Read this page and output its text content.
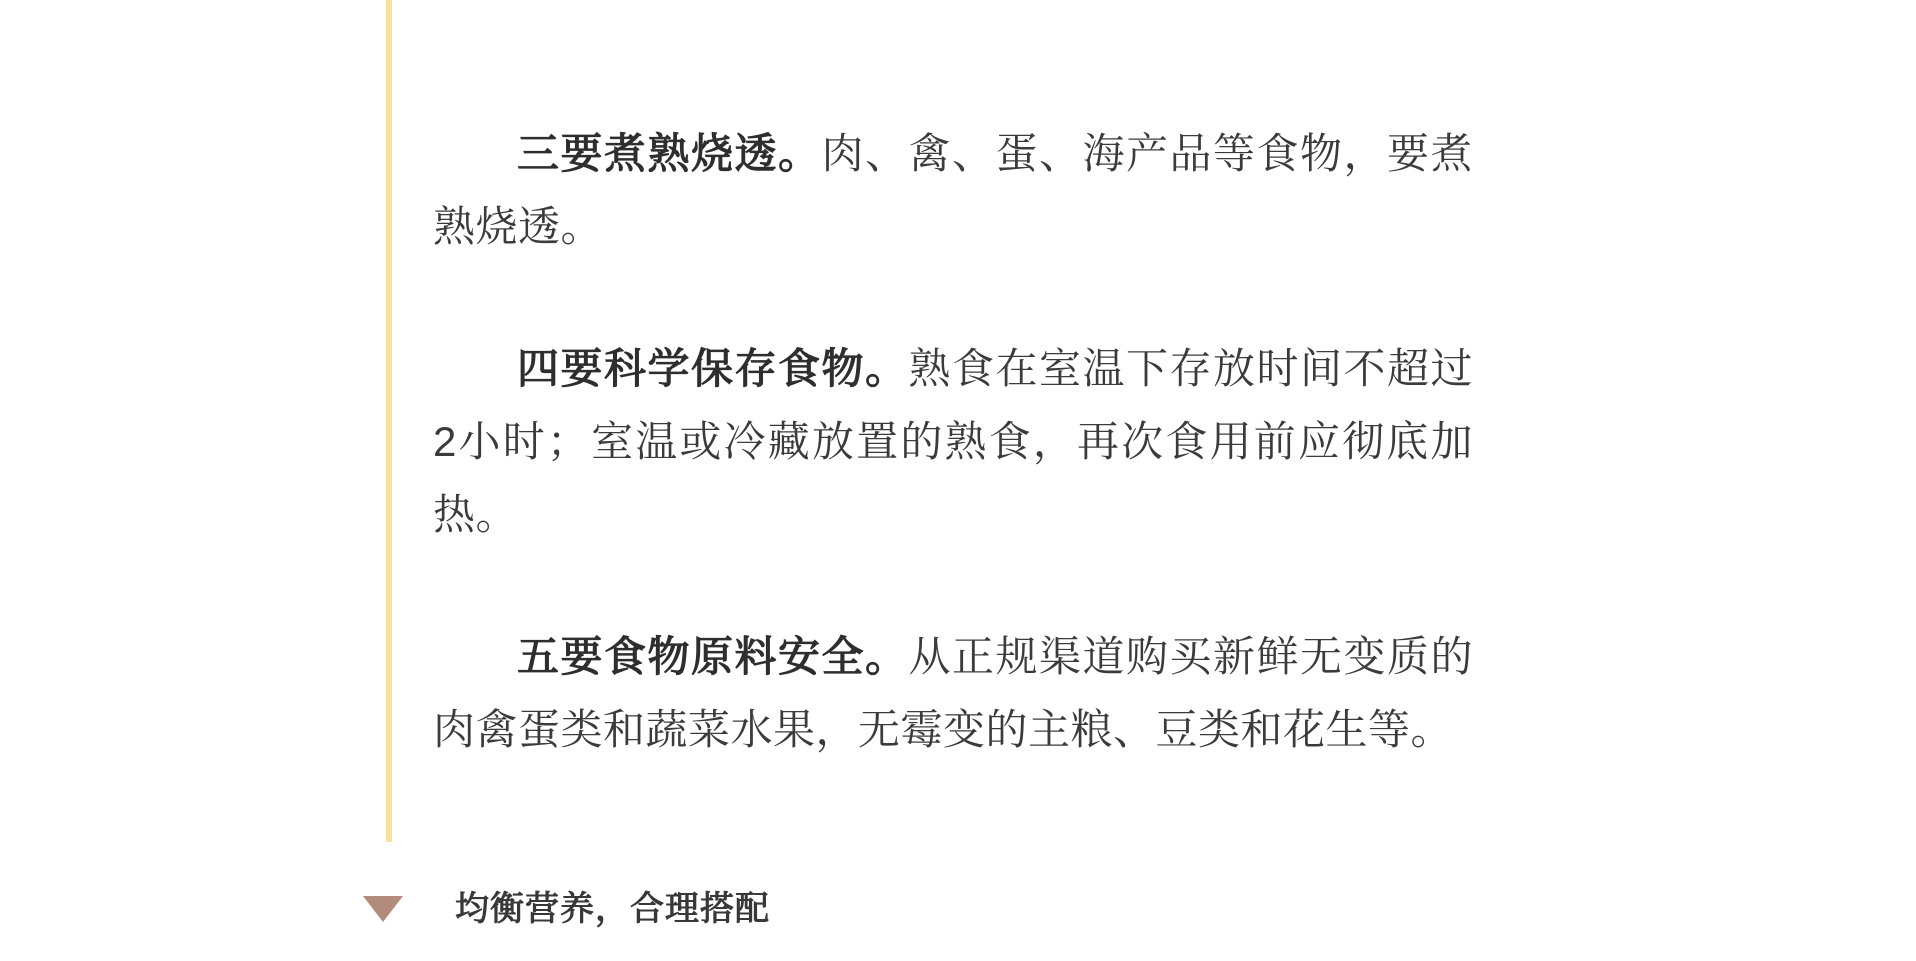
三要煮熟烧透。肉、禽、蛋、海产品等食物，要煮熟烧透。

四要科学保存食物。熟食在室温下存放时间不超过2小时；室温或冷藏放置的熟食，再次食用前应彻底加热。

五要食物原料安全。从正规渠道购买新鲜无变质的肉禽蛋类和蔬菜水果，无霉变的主粮、豆类和花生等。

均衡营养，合理搭配
